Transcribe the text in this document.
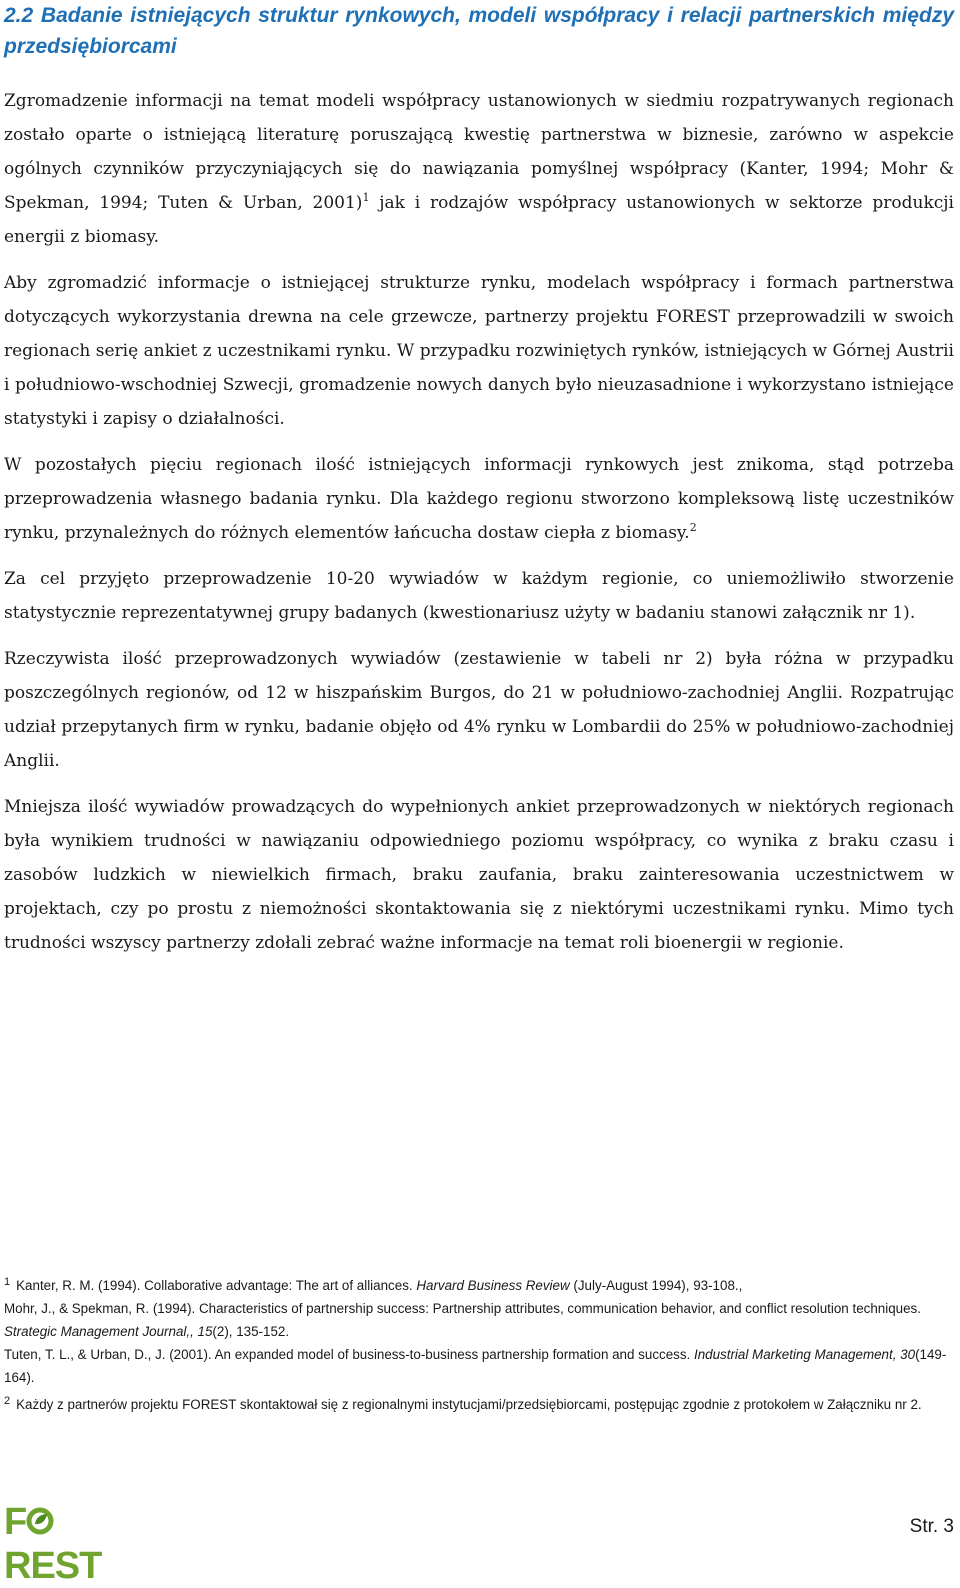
2.2 Badanie istniejących struktur rynkowych, modeli współpracy i relacji partnerskich między przedsiębiorcami

Zgromadzenie informacji na temat modeli współpracy ustanowionych w siedmiu rozpatrywanych regionach zostało oparte o istniejącą literaturę poruszającą kwestię partnerstwa w biznesie, zarówno w aspekcie ogólnych czynników przyczyniających się do nawiązania pomyślnej współpracy (Kanter, 1994; Mohr & Spekman, 1994; Tuten & Urban, 2001)$^1$ jak i rodzajów współpracy ustanowionych w sektorze produkcji energii z biomasy.

Aby zgromadzić informacje o istniejącej strukturze rynku, modelach współpracy i formach partnerstwa dotyczących wykorzystania drewna na cele grzewcze, partnerzy projektu FOREST przeprowadzili w swoich regionach serię ankiet z uczestnikami rynku. W przypadku rozwiniętych rynków, istniejących w Górnej Austrii i południowo-wschodniej Szwecji, gromadzenie nowych danych było nieuzasadnione i wykorzystano istniejące statystyki i zapisy o działalności.

W pozostałych pięciu regionach ilość istniejących informacji rynkowych jest znikoma, stąd potrzeba przeprowadzenia własnego badania rynku. Dla każdego regionu stworzono kompleksową listę uczestników rynku, przynależnych do różnych elementów łańcucha dostaw ciepła z biomasy.$^2$

Za cel przyjęto przeprowadzenie 10-20 wywiadów w każdym regionie, co uniemożliwiło stworzenie statystycznie reprezentatywnej grupy badanych (kwestionariusz użyty w badaniu stanowi załącznik nr 1).

Rzeczywista ilość przeprowadzonych wywiadów (zestawienie w tabeli nr 2) była różna w przypadku poszczególnych regionów, od 12 w hiszpańskim Burgos, do 21 w południowo-zachodniej Anglii. Rozpatrując udział przepytanych firm w rynku, badanie objęło od 4% rynku w Lombardii do 25% w południowo-zachodniej Anglii.

Mniejsza ilość wywiadów prowadzących do wypełnionych ankiet przeprowadzonych w niektórych regionach była wynikiem trudności w nawiązaniu odpowiedniego poziomu współpracy, co wynika z braku czasu i zasobów ludzkich w niewielkich firmach, braku zaufania, braku zainteresowania uczestnictwem w projektach, czy po prostu z niemożności skontaktowania się z niektórymi uczestnikami rynku. Mimo tych trudności wszyscy partnerzy zdołali zebrać ważne informacje na temat roli bioenergii w regionie.

$^1$ Kanter, R. M. (1994). Collaborative advantage: The art of alliances. Harvard Business Review (July-August 1994), 93-108.,
Mohr, J., & Spekman, R. (1994). Characteristics of partnership success: Partnership attributes, communication behavior, and conflict resolution techniques. Strategic Management Journal,, 15(2), 135-152.
Tuten, T. L., & Urban, D., J. (2001). An expanded model of business-to-business partnership formation and success. Industrial Marketing Management, 30(149-164).

$^2$ Każdy z partnerów projektu FOREST skontaktował się z regionalnymi instytucjami/przedsiębiorcami, postępując zgodnie z protokołem w Załączniku nr 2.

FREST
Str. 3
